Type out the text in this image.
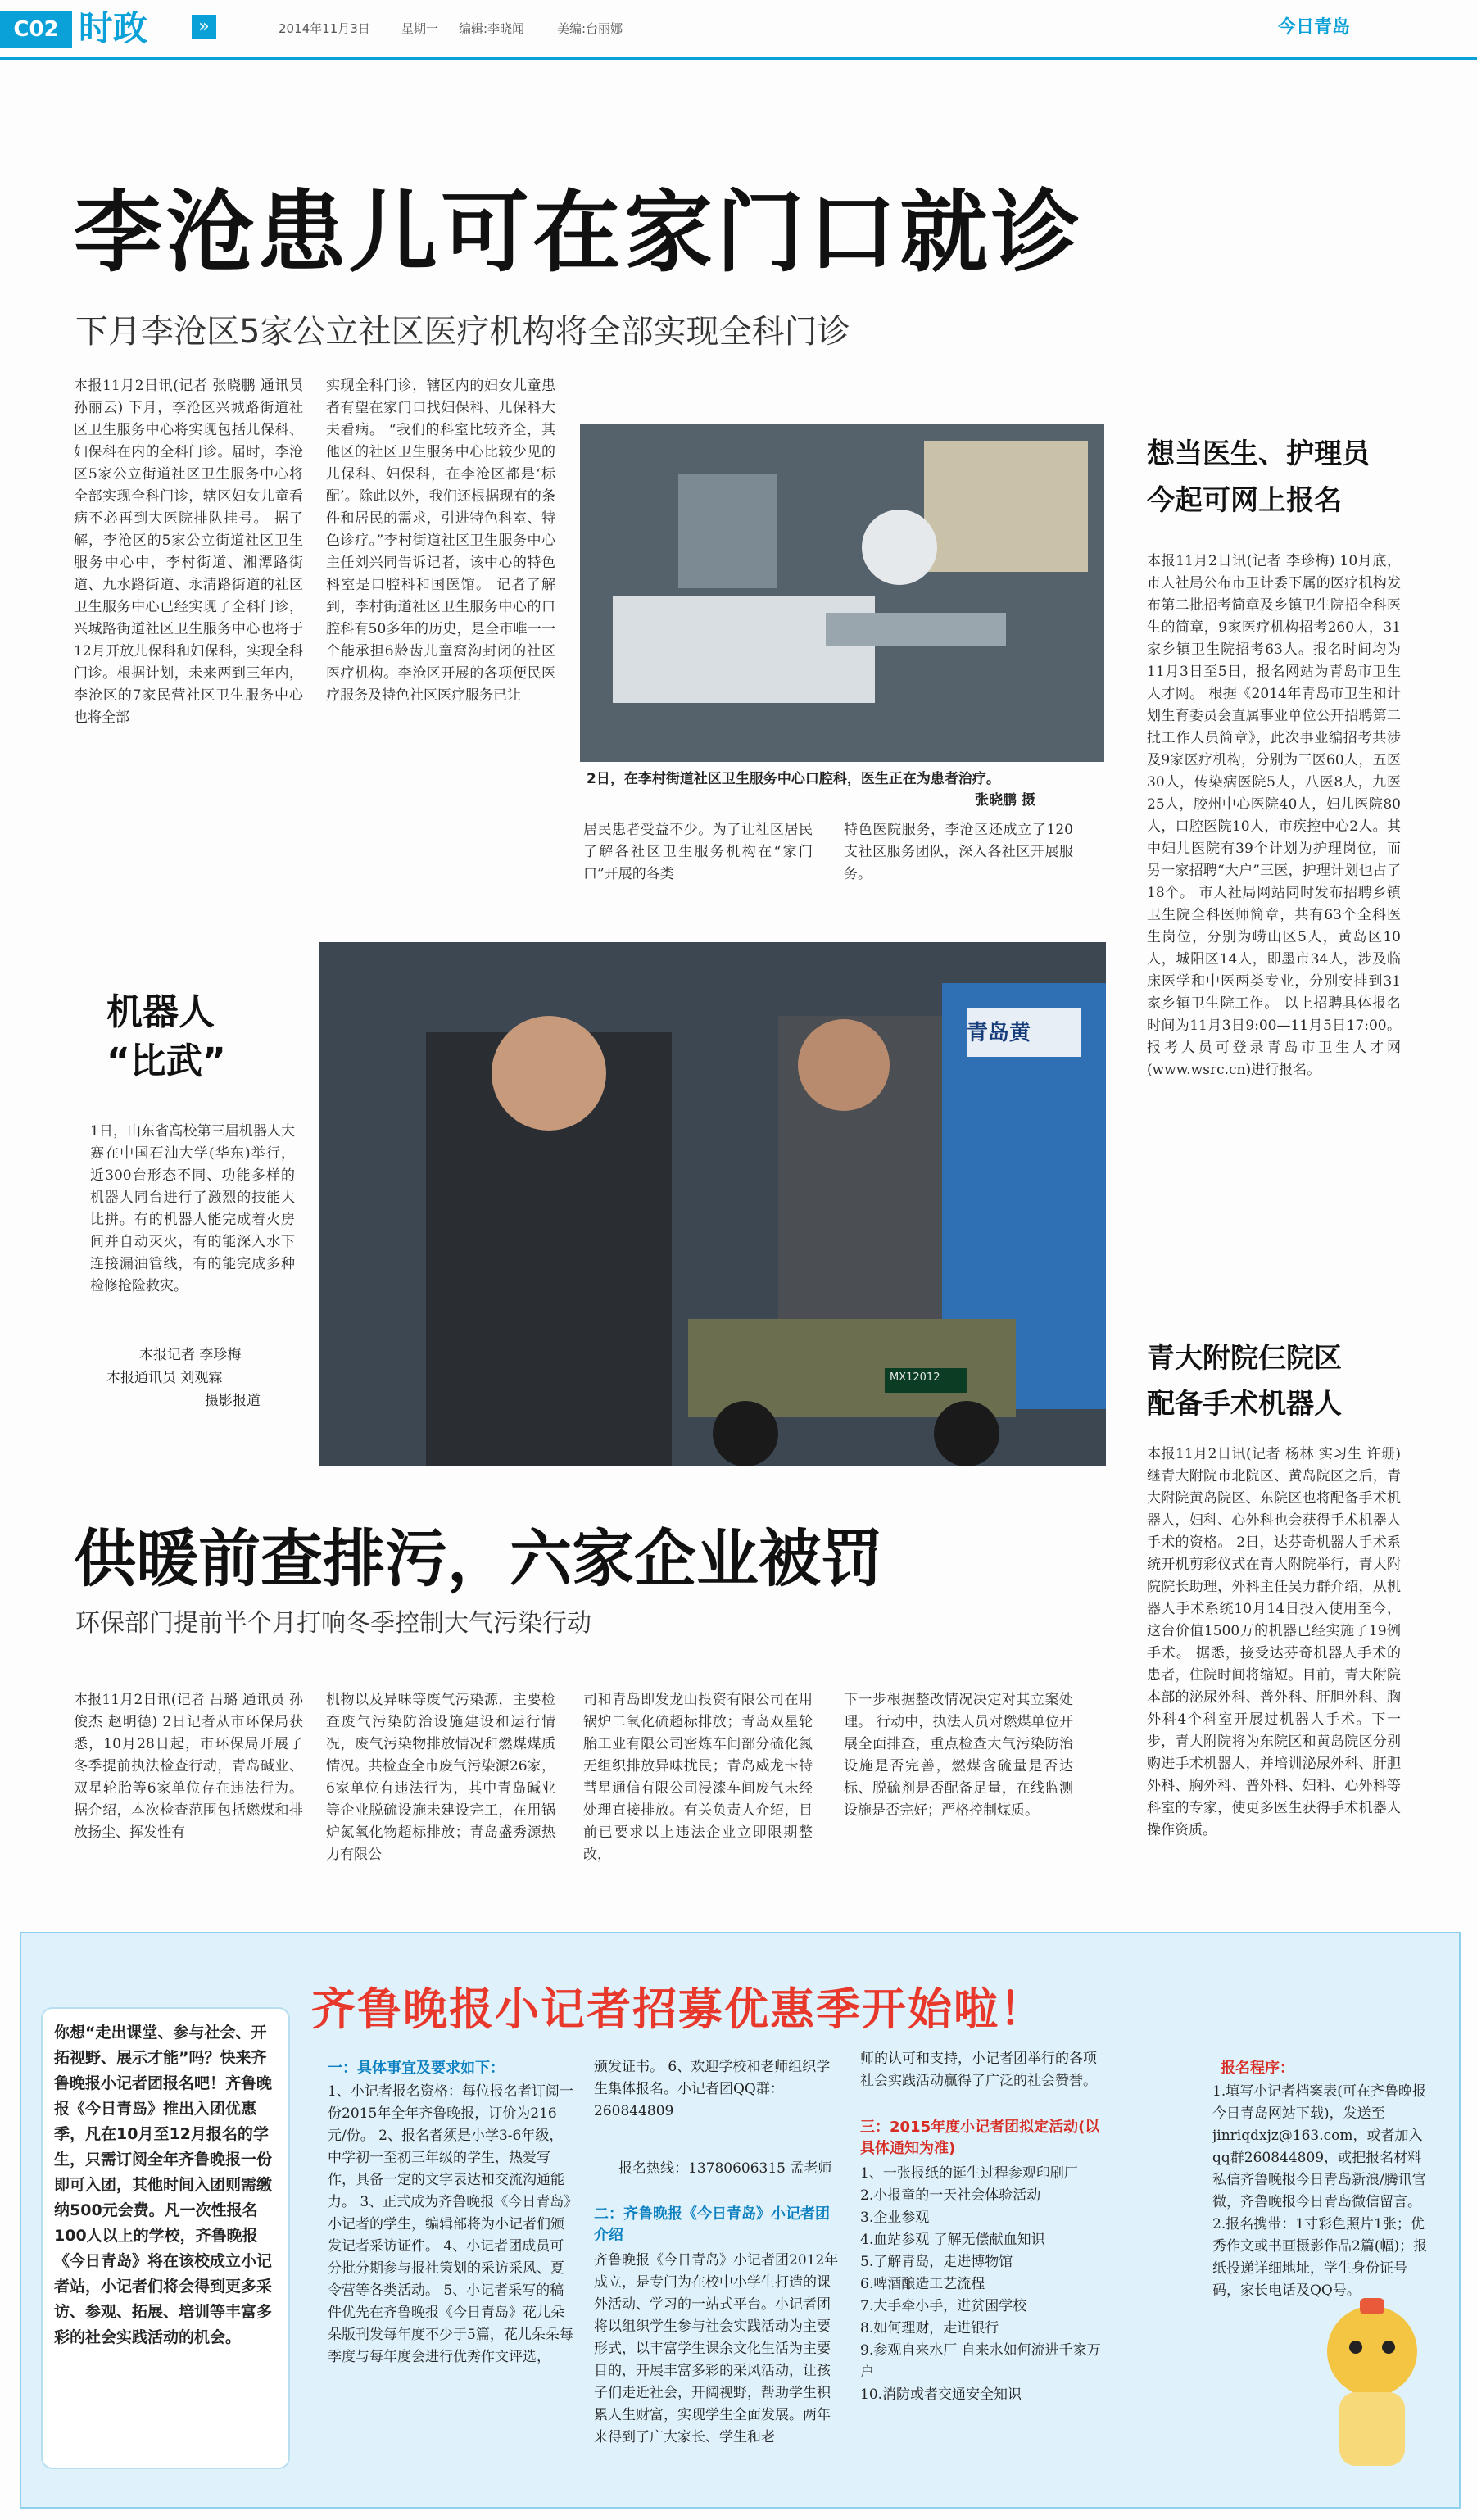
C02 时政	»	2014年11月3日	星期一 编辑:李晓闻	美编:台丽娜	今日青岛
李沧患儿可在家门口就诊
下月李沧区5家公立社区医疗机构将全部实现全科门诊
本报11月2日讯(记者 张晓鹏 通讯员 孙丽云) 下月，李沧区兴城路街道社区卫生服务中心将实现包括儿保科、妇保科在内的全科门诊。届时，李沧区5家公立街道社区卫生服务中心将全部实现全科门诊，辖区妇女儿童看病不必再到大医院排队挂号。 据了解，李沧区的5家公立街道社区卫生服务中心中，李村街道、湘潭路街道、九水路街道、永清路街道的社区卫生服务中心已经实现了全科门诊，兴城路街道社区卫生服务中心也将于12月开放儿保科和妇保科，实现全科门诊。根据计划，未来两到三年内，李沧区的7家民营社区卫生服务中心也将全部
实现全科门诊，辖区内的妇女儿童患者有望在家门口找妇保科、儿保科大夫看病。 “我们的科室比较齐全，其他区的社区卫生服务中心比较少见的儿保科、妇保科，在李沧区都是‘标配’。除此以外，我们还根据现有的条件和居民的需求，引进特色科室、特色诊疗。”李村街道社区卫生服务中心主任刘兴同告诉记者，该中心的特色科室是口腔科和国医馆。 记者了解到，李村街道社区卫生服务中心的口腔科有50多年的历史，是全市唯一一个能承担6龄齿儿童窝沟封闭的社区医疗机构。李沧区开展的各项便民医疗服务及特色社区医疗服务已让
2日，在李村街道社区卫生服务中心口腔科，医生正在为患者治疗。
张晓鹏 摄
居民患者受益不少。为了让社区居民了解各社区卫生服务机构在“家门口”开展的各类
特色医院服务，李沧区还成立了120支社区服务团队，深入各社区开展服务。
想当医生、护理员
今起可网上报名
本报11月2日讯(记者 李珍梅) 10月底，市人社局公布市卫计委下属的医疗机构发布第二批招考简章及乡镇卫生院招全科医生的简章，9家医疗机构招考260人，31家乡镇卫生院招考63人。报名时间均为11月3日至5日，报名网站为青岛市卫生人才网。 根据《2014年青岛市卫生和计划生育委员会直属事业单位公开招聘第二批工作人员简章》，此次事业编招考共涉及9家医疗机构，分别为三医60人，五医30人，传染病医院5人，八医8人，九医25人，胶州中心医院40人，妇儿医院80人，口腔医院10人，市疾控中心2人。其中妇儿医院有39个计划为护理岗位，而另一家招聘“大户”三医，护理计划也占了18个。 市人社局网站同时发布招聘乡镇卫生院全科医师简章，共有63个全科医生岗位，分别为崂山区5人，黄岛区10人，城阳区14人，即墨市34人，涉及临床医学和中医两类专业，分别安排到31家乡镇卫生院工作。 以上招聘具体报名时间为11月3日9:00—11月5日17:00。报考人员可登录青岛市卫生人才网(www.wsrc.cn)进行报名。
机器人
“比武”
1日，山东省高校第三届机器人大赛在中国石油大学(华东)举行，近300台形态不同、功能多样的机器人同台进行了激烈的技能大比拼。有的机器人能完成着火房间并自动灭火，有的能深入水下连接漏油管线，有的能完成多种检修抢险救灾。
本报记者 李珍梅
本报通讯员 刘观霖
摄影报道
青岛黄
MX12012
青大附院仨院区
配备手术机器人
本报11月2日讯(记者 杨林 实习生 许珊) 继青大附院市北院区、黄岛院区之后，青大附院黄岛院区、东院区也将配备手术机器人，妇科、心外科也会获得手术机器人手术的资格。 2日，达芬奇机器人手术系统开机剪彩仪式在青大附院举行，青大附院院长助理，外科主任吴力群介绍，从机器人手术系统10月14日投入使用至今，这台价值1500万的机器已经实施了19例手术。 据悉，接受达芬奇机器人手术的患者，住院时间将缩短。目前，青大附院本部的泌尿外科、普外科、肝胆外科、胸外科4个科室开展过机器人手术。下一步，青大附院将为东院区和黄岛院区分别购进手术机器人，并培训泌尿外科、肝胆外科、胸外科、普外科、妇科、心外科等科室的专家，使更多医生获得手术机器人操作资质。
供暖前查排污，六家企业被罚
环保部门提前半个月打响冬季控制大气污染行动
本报11月2日讯(记者 吕璐 通讯员 孙俊杰 赵明德) 2日记者从市环保局获悉，10月28日起，市环保局开展了冬季提前执法检查行动，青岛碱业、双星轮胎等6家单位存在违法行为。 据介绍，本次检查范围包括燃煤和排放扬尘、挥发性有
机物以及异味等废气污染源，主要检查废气污染防治设施建设和运行情况，废气污染物排放情况和燃煤煤质情况。共检查全市废气污染源26家，6家单位有违法行为，其中青岛碱业等企业脱硫设施未建设完工，在用锅炉氮氧化物超标排放；青岛盛秀源热力有限公
司和青岛即发龙山投资有限公司在用锅炉二氧化硫超标排放；青岛双星轮胎工业有限公司密炼车间部分硫化氮无组织排放异味扰民；青岛威龙卡特彗星通信有限公司浸漆车间废气未经处理直接排放。有关负责人介绍，目前已要求以上违法企业立即限期整改，
下一步根据整改情况决定对其立案处理。 行动中，执法人员对燃煤单位开展全面排查，重点检查大气污染防治设施是否完善，燃煤含硫量是否达标、脱硫剂是否配备足量，在线监测设施是否完好；严格控制煤质。
齐鲁晚报小记者招募优惠季开始啦！
你想“走出课堂、参与社会、开拓视野、展示才能”吗？快来齐鲁晚报小记者团报名吧！齐鲁晚报《今日青岛》推出入团优惠季，凡在10月至12月报名的学生，只需订阅全年齐鲁晚报一份即可入团，其他时间入团则需缴纳500元会费。凡一次性报名100人以上的学校，齐鲁晚报《今日青岛》将在该校成立小记者站，小记者们将会得到更多采访、参观、拓展、培训等丰富多彩的社会实践活动的机会。
一：具体事宜及要求如下：
1、小记者报名资格：每位报名者订阅一份2015年全年齐鲁晚报，订价为216元/份。 2、报名者须是小学3-6年级，中学初一至初三年级的学生，热爱写作，具备一定的文字表达和交流沟通能力。 3、正式成为齐鲁晚报《今日青岛》小记者的学生，编辑部将为小记者们颁发记者采访证件。 4、小记者团成员可分批分期参与报社策划的采访采风、夏令营等各类活动。 5、小记者采写的稿件优先在齐鲁晚报《今日青岛》花儿朵朵版刊发每年度不少于5篇，花儿朵朵每季度与每年度会进行优秀作文评选，
颁发证书。 6、欢迎学校和老师组织学生集体报名。小记者团QQ群：260844809
报名热线：13780606315 孟老师
二：齐鲁晚报《今日青岛》小记者团介绍
齐鲁晚报《今日青岛》小记者团2012年成立，是专门为在校中小学生打造的课外活动、学习的一站式平台。小记者团将以组织学生参与社会实践活动为主要形式，以丰富学生课余文化生活为主要目的，开展丰富多彩的采风活动，让孩子们走近社会，开阔视野，帮助学生积累人生财富，实现学生全面发展。两年来得到了广大家长、学生和老
师的认可和支持，小记者团举行的各项社会实践活动赢得了广泛的社会赞誉。
三：2015年度小记者团拟定活动(以具体通知为准)
1、一张报纸的诞生过程参观印刷厂
2.小报童的一天社会体验活动
3.企业参观
4.血站参观 了解无偿献血知识
5.了解青岛，走进博物馆
6.啤酒酿造工艺流程
7.大手牵小手，进贫困学校
8.如何理财，走进银行
9.参观自来水厂 自来水如何流进千家万户
10.消防或者交通安全知识
报名程序：
1.填写小记者档案表(可在齐鲁晚报今日青岛网站下载)，发送至jinriqdxjz@163.com，或者加入qq群260844809，或把报名材料私信齐鲁晚报今日青岛新浪/腾讯官微，齐鲁晚报今日青岛微信留言。 2.报名携带：1寸彩色照片1张；优秀作文或书画摄影作品2篇(幅)；报纸投递详细地址，学生身份证号码，家长电话及QQ号。
